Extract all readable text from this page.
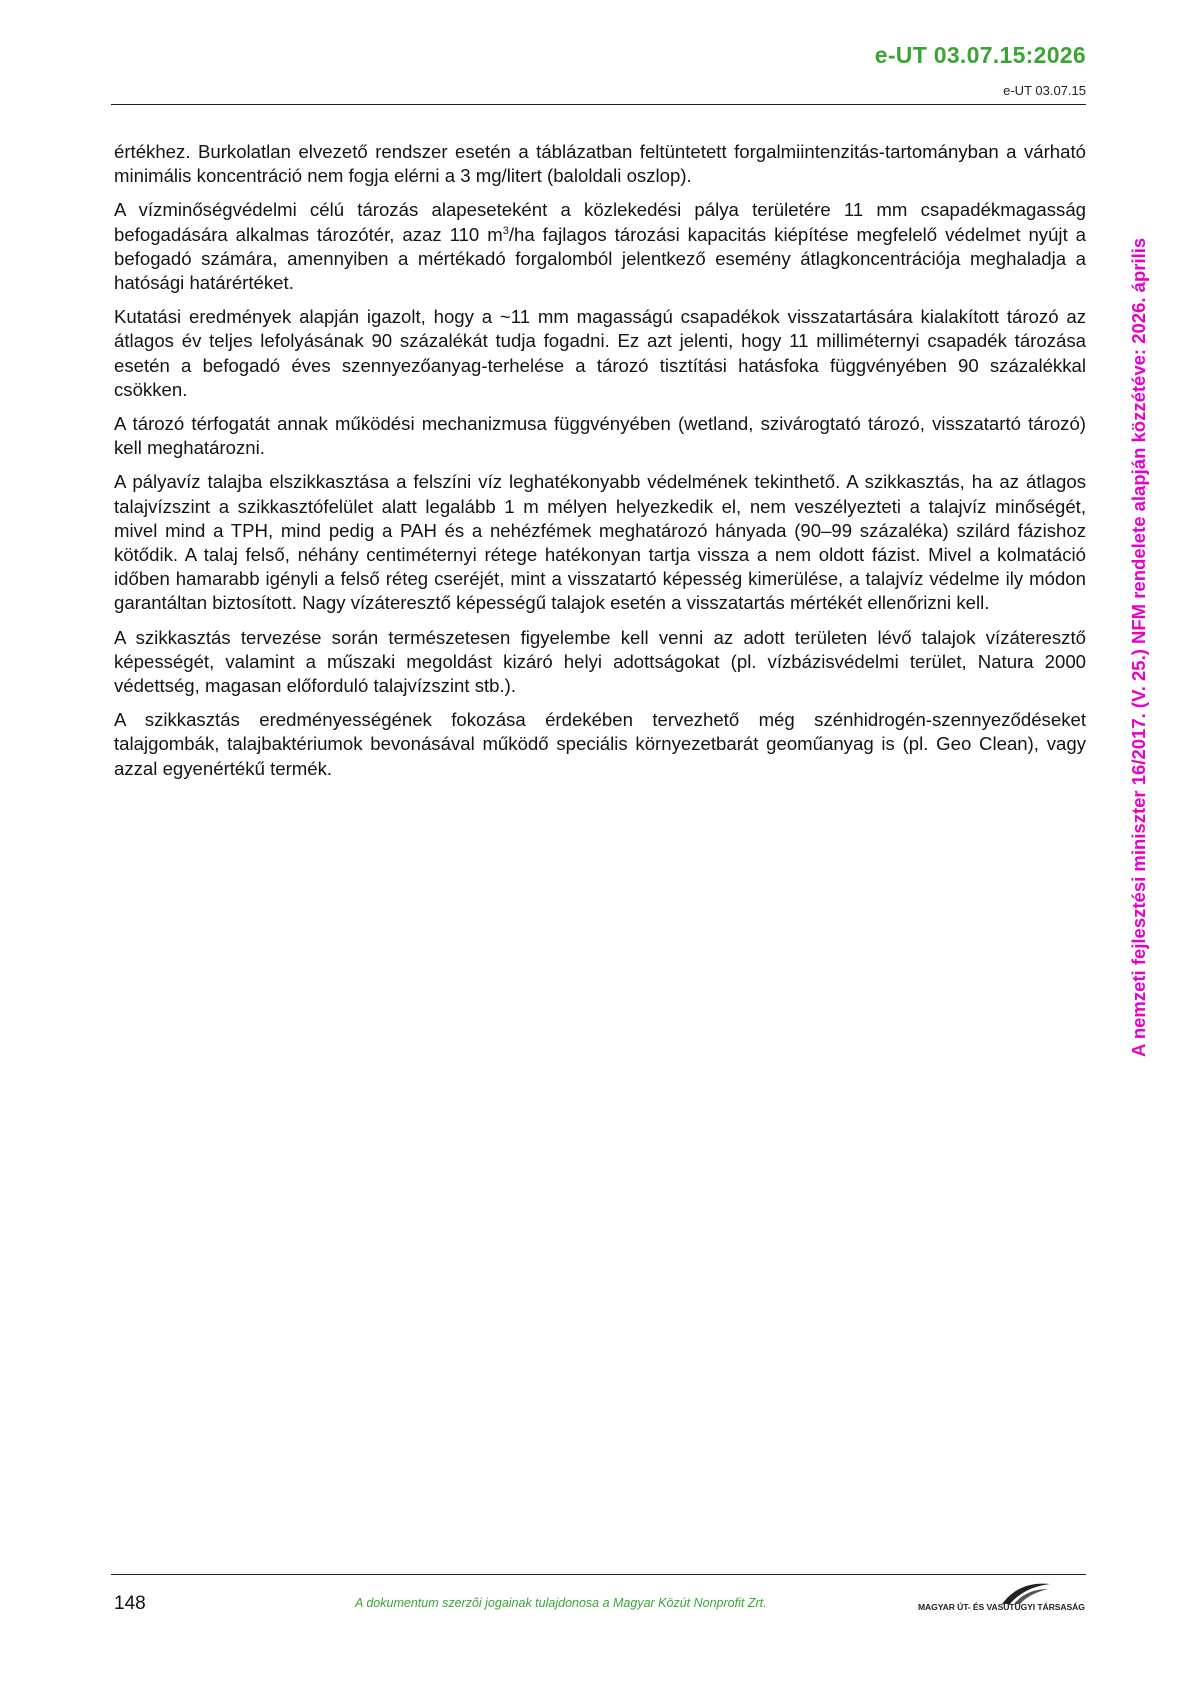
e-UT 03.07.15:2026
e-UT 03.07.15

értékhez. Burkolatlan elvezető rendszer esetén a táblázatban feltüntetett forgalmiintenzitás-tartományban a várható minimális koncentráció nem fogja elérni a 3 mg/litert (baloldali oszlop).

A vízminőségvédelmi célú tározás alapeseteként a közlekedési pálya területére 11 mm csapadékmagasság befogadására alkalmas tározótér, azaz 110 $m^3/ha$ fajlagos tározási kapacitás kiépítése megfelelő védelmet nyújt a befogadó számára, amennyiben a mértékadó forgalomból jelentkező esemény átlagkoncentrációja meghaladja a hatósági határértéket.

Kutatási eredmények alapján igazolt, hogy a ~11 mm magasságú csapadékok visszatartására kialakított tározó az átlagos év teljes lefolyásának 90 százalékát tudja fogadni. Ez azt jelenti, hogy 11 milliméternyi csapadék tározása esetén a befogadó éves szennyezőanyag-terhelése a tározó tisztítási hatásfoka függvényében 90 százalékkal csökken.

A tározó térfogatát annak működési mechanizmusa függvényében (wetland, szivárogtató tározó, visszatartó tározó) kell meghatározni.

A pályavíz talajba elszikkasztása a felszíni víz leghatékonyabb védelmének tekinthető. A szikkasztás, ha az átlagos talajvízszint a szikkasztófelület alatt legalább 1 m mélyen helyezkedik el, nem veszélyezteti a talajvíz minőségét, mivel mind a TPH, mind pedig a PAH és a nehézfémek meghatározó hányada (90–99 százaléka) szilárd fázishoz kötődik. A talaj felső, néhány centiméternyi rétege hatékonyan tartja vissza a nem oldott fázist. Mivel a kolmatáció időben hamarabb igényli a felső réteg cseréjét, mint a visszatartó képesség kimerülése, a talajvíz védelme ily módon garantáltan biztosított. Nagy vízáteresztő képességű talajok esetén a visszatartás mértékét ellenőrizni kell.

A szikkasztás tervezése során természetesen figyelembe kell venni az adott területen lévő talajok vízáteresztő képességét, valamint a műszaki megoldást kizáró helyi adottságokat (pl. vízbázisvédelmi terület, Natura 2000 védettség, magasan előforduló talajvízszint stb.).

A szikkasztás eredményességének fokozása érdekében tervezhető még szénhidrogén-szennyeződéseket talajgombák, talajbaktériumok bevonásával működő speciális környezetbarát geoműanyag is (pl. Geo Clean), vagy azzal egyenértékű termék.	A nemzeti fejlesztési miniszter 16/2017. (V. 25.) NFM rendelete alapján közzétéve: 2026. április
148	A dokumentum szerzői jogainak tulajdonosa a Magyar Közút Nonprofit Zrt.	MAGYAR ÚT- ÉS VASÚTÜGYI TÁRSASÁG
